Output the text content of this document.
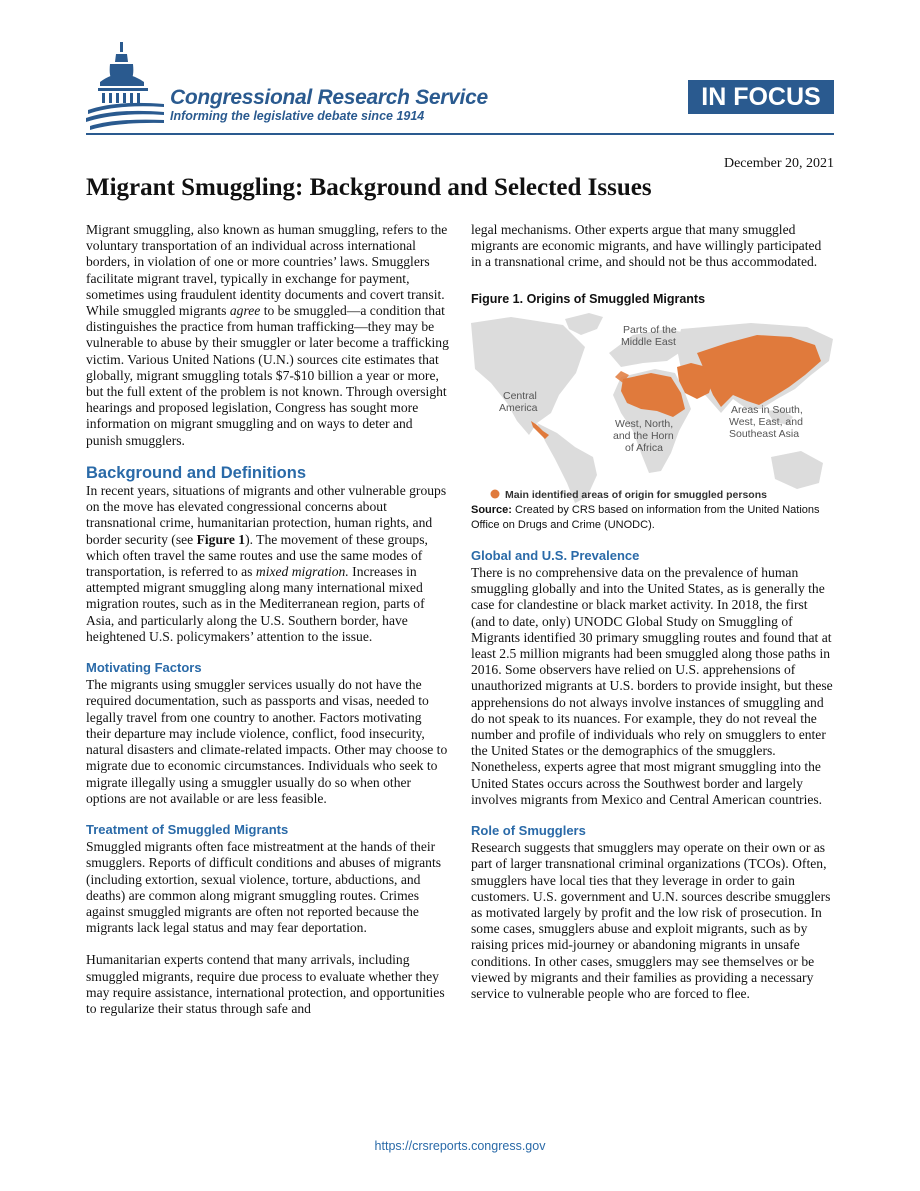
Congressional Research Service
Informing the legislative debate since 1914
IN FOCUS
December 20, 2021
Migrant Smuggling: Background and Selected Issues

Migrant smuggling, also known as human smuggling, refers to the voluntary transportation of an individual across international borders, in violation of one or more countries’ laws. Smugglers facilitate migrant travel, typically in exchange for payment, sometimes using fraudulent identity documents and covert transit. While smuggled migrants agree to be smuggled—a condition that distinguishes the practice from human trafficking—they may be vulnerable to abuse by their smuggler or later become a trafficking victim. Various United Nations (U.N.) sources cite estimates that globally, migrant smuggling totals $7-$10 billion a year or more, but the full extent of the problem is not known. Through oversight hearings and proposed legislation, Congress has sought more information on migrant smuggling and on ways to deter and punish smugglers.

Background and Definitions

In recent years, situations of migrants and other vulnerable groups on the move has elevated congressional concerns about transnational crime, humanitarian protection, human rights, and border security (see Figure 1). The movement of these groups, which often travel the same routes and use the same modes of transportation, is referred to as mixed migration. Increases in attempted migrant smuggling along many international mixed migration routes, such as in the Mediterranean region, parts of Asia, and particularly along the U.S. Southern border, have heightened U.S. policymakers’ attention to the issue.

Motivating Factors

The migrants using smuggler services usually do not have the required documentation, such as passports and visas, needed to legally travel from one country to another. Factors motivating their departure may include violence, conflict, food insecurity, natural disasters and climate-related impacts. Other may choose to migrate due to economic circumstances. Individuals who seek to migrate illegally using a smuggler usually do so when other options are not available or are less feasible.

Treatment of Smuggled Migrants

Smuggled migrants often face mistreatment at the hands of their smugglers. Reports of difficult conditions and abuses of migrants (including extortion, sexual violence, torture, abductions, and deaths) are common along migrant smuggling routes. Crimes against smuggled migrants are often not reported because the migrants lack legal status and may fear deportation.

Humanitarian experts contend that many arrivals, including smuggled migrants, require due process to evaluate whether they may require assistance, international protection, and opportunities to regularize their status through safe and

legal mechanisms. Other experts argue that many smuggled migrants are economic migrants, and have willingly participated in a transnational crime, and should not be thus accommodated.

Figure 1. Origins of Smuggled Migrants
Parts of the
Middle East
Central
America
West, North,
and the Horn
of Africa
Areas in South,
West, East, and
Southeast Asia
Main identified areas of origin for smuggled persons

Source: Created by CRS based on information from the United Nations Office on Drugs and Crime (UNODC).

Global and U.S. Prevalence

There is no comprehensive data on the prevalence of human smuggling globally and into the United States, as is generally the case for clandestine or black market activity. In 2018, the first (and to date, only) UNODC Global Study on Smuggling of Migrants identified 30 primary smuggling routes and found that at least 2.5 million migrants had been smuggled along those paths in 2016. Some observers have relied on U.S. apprehensions of unauthorized migrants at U.S. borders to provide insight, but these apprehensions do not always involve instances of smuggling and do not speak to its nuances. For example, they do not reveal the number and profile of individuals who rely on smugglers to enter the United States or the demographics of the smugglers. Nonetheless, experts agree that most migrant smuggling into the United States occurs across the Southwest border and largely involves migrants from Mexico and Central American countries.

Role of Smugglers

Research suggests that smugglers may operate on their own or as part of larger transnational criminal organizations (TCOs). Often, smugglers have local ties that they leverage in order to gain customers. U.S. government and U.N. sources describe smugglers as motivated largely by profit and the low risk of prosecution. In some cases, smugglers abuse and exploit migrants, such as by raising prices mid-journey or abandoning migrants in unsafe conditions. In other cases, smugglers may see themselves or be viewed by migrants and their families as providing a necessary service to vulnerable people who are forced to flee.

https://crsreports.congress.gov
